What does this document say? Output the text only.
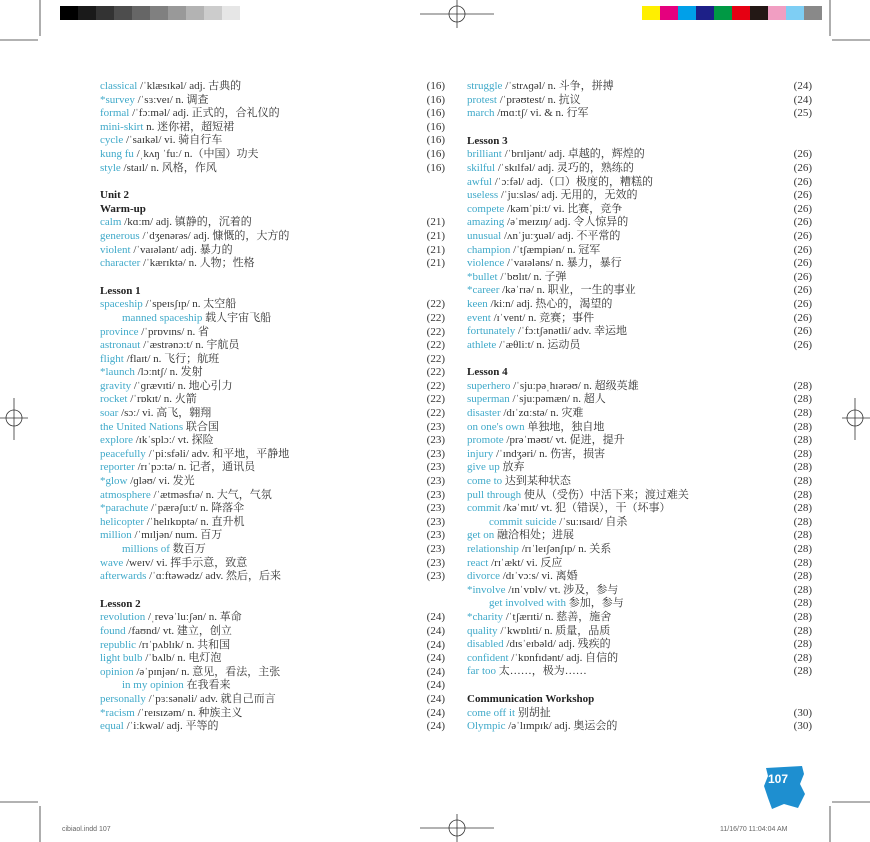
classical /ˈklæsɪkəl/ adj. 古典的	(16)
*survey /ˈsɜːveɪ/ n. 调查	(16)
formal /ˈfɔːməl/ adj. 正式的，合礼仪的	(16)
mini-skirt n. 迷你裙，超短裙	(16)
cycle /ˈsaɪkəl/ vi. 骑自行车	(16)
kung fu /ˌkʌŋ ˈfuː/ n.（中国）功夫	(16)
style /staɪl/ n. 风格，作风	(16)
Unit 2
Warm-up
calm /kɑːm/ adj. 镇静的，沉着的	(21)
generous /ˈdʒenərəs/ adj. 慷慨的，大方的	(21)
violent /ˈvaɪələnt/ adj. 暴力的	(21)
character /ˈkærɪktə/ n. 人物；性格	(21)
Lesson 1
spaceship /ˈspeɪsʃɪp/ n. 太空船	(22)
manned spaceship 载人宇宙飞船	(22)
province /ˈprɒvɪns/ n. 省	(22)
astronaut /ˈæstrənɔːt/ n. 宇航员	(22)
flight /flaɪt/ n. 飞行；航班	(22)
*launch /lɔːntʃ/ n. 发射	(22)
gravity /ˈɡrævɪti/ n. 地心引力	(22)
rocket /ˈrɒkɪt/ n. 火箭	(22)
soar /sɔː/ vi. 高飞，翱翔	(22)
the United Nations 联合国	(23)
explore /ɪkˈsplɔː/ vt. 探险	(23)
peacefully /ˈpiːsfəli/ adv. 和平地，平静地	(23)
reporter /rɪˈpɔːtə/ n. 记者，通讯员	(23)
*glow /ɡləʊ/ vi. 发光	(23)
atmosphere /ˈætməsfɪə/ n. 大气，气氛	(23)
*parachute /ˈpærəʃuːt/ n. 降落伞	(23)
helicopter /ˈhelɪkɒptə/ n. 直升机	(23)
million /ˈmɪljən/ num. 百万	(23)
millions of 数百万	(23)
wave /weɪv/ vi. 挥手示意，致意	(23)
afterwards /ˈɑːftəwədz/ adv. 然后，后来	(23)
Lesson 2
revolution /ˌrevəˈluːʃən/ n. 革命	(24)
found /faʊnd/ vt. 建立，创立	(24)
republic /rɪˈpʌblɪk/ n. 共和国	(24)
light bulb /ˈbʌlb/ n. 电灯泡	(24)
opinion /əˈpɪnjən/ n. 意见，看法，主张	(24)
in my opinion 在我看来	(24)
personally /ˈpɜːsənəli/ adv. 就自己而言	(24)
*racism /ˈreɪsɪzəm/ n. 种族主义	(24)
equal /ˈiːkwəl/ adj. 平等的	(24)
struggle /ˈstrʌɡəl/ n. 斗争，拼搏	(24)
protest /ˈprəʊtest/ n. 抗议	(24)
march /mɑːtʃ/ vi. & n. 行军	(25)
Lesson 3
brilliant /ˈbrɪljənt/ adj. 卓越的，辉煌的	(26)
skilful /ˈskɪlfəl/ adj. 灵巧的，熟练的	(26)
awful /ˈɔːfəl/ adj.（口）极度的，糟糕的	(26)
useless /ˈjuːsləs/ adj. 无用的，无效的	(26)
compete /kəmˈpiːt/ vi. 比赛，竞争	(26)
amazing /əˈmeɪzɪŋ/ adj. 令人惊异的	(26)
unusual /ʌnˈjuːʒuəl/ adj. 不平常的	(26)
champion /ˈtʃæmpiən/ n. 冠军	(26)
violence /ˈvaɪələns/ n. 暴力，暴行	(26)
*bullet /ˈbʊlɪt/ n. 子弹	(26)
*career /kəˈrɪə/ n. 职业，一生的事业	(26)
keen /kiːn/ adj. 热心的，渴望的	(26)
event /ɪˈvent/ n. 竞赛；事件	(26)
fortunately /ˈfɔːtʃənətli/ adv. 幸运地	(26)
athlete /ˈæθliːt/ n. 运动员	(26)
Lesson 4
superhero /ˈsjuːpəˌhɪərəʊ/ n. 超级英雄	(28)
superman /ˈsjuːpəmæn/ n. 超人	(28)
disaster /dɪˈzɑːstə/ n. 灾难	(28)
on one's own 单独地，独自地	(28)
promote /prəˈməʊt/ vt. 促进，提升	(28)
injury /ˈɪndʒəri/ n. 伤害，损害	(28)
give up 放弃	(28)
come to 达到某种状态	(28)
pull through 使从（受伤）中活下来；渡过难关	(28)
commit /kəˈmɪt/ vt. 犯（错误），干（坏事）	(28)
commit suicide /ˈsuːɪsaɪd/ 自杀	(28)
get on 融洽相处；进展	(28)
relationship /rɪˈleɪʃənʃɪp/ n. 关系	(28)
react /rɪˈækt/ vi. 反应	(28)
divorce /dɪˈvɔːs/ vi. 离婚	(28)
*involve /ɪnˈvɒlv/ vt. 涉及，参与	(28)
get involved with 参加，参与	(28)
*charity /ˈtʃærɪti/ n. 慈善，施舍	(28)
quality /ˈkwɒlɪti/ n. 质量，品质	(28)
disabled /dɪsˈeɪbəld/ adj. 残疾的	(28)
confident /ˈkɒnfɪdənt/ adj. 自信的	(28)
far too 太……，极为……	(28)
Communication Workshop
come off it 别胡扯	(30)
Olympic /əˈlɪmpɪk/ adj. 奥运会的	(30)
107
cibiaol.indd 107	11/16/70 11:04:04 AM
